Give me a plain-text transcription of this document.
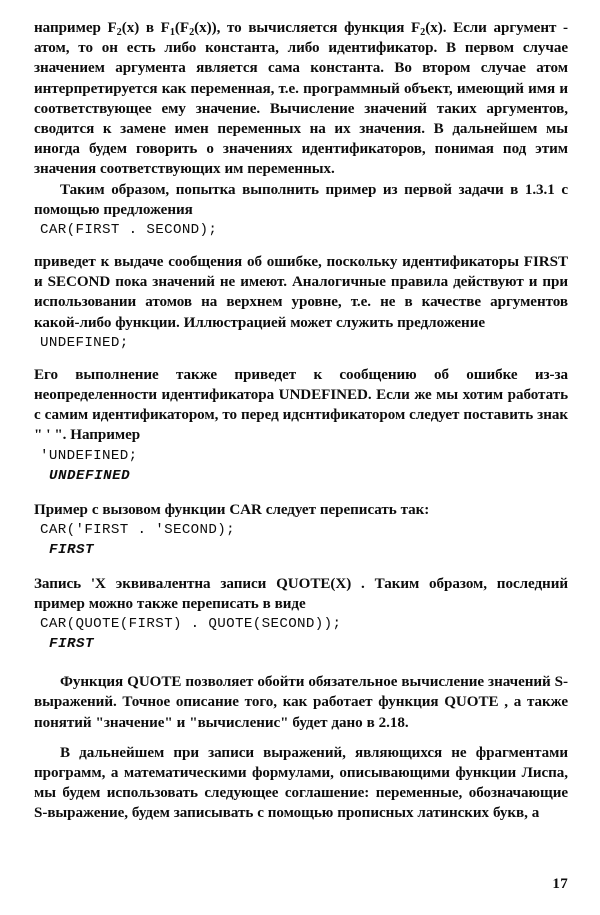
например $F_2(x)$ в $F_1(F_2(x))$, то вычисляется функция $F_2(x)$. Если аргумент - атом, то он есть либо константа, либо идентификатор. В первом случае значением аргумента является сама константа. Во втором случае атом интерпретируется как переменная, т.е. программный объект, имеющий имя и соответствующее ему значение. Вычисление значений таких аргументов, сводится к замене имен переменных на их значения. В дальнейшем мы иногда будем говорить о значениях идентификаторов, понимая под этим значения соответствующих им переменных.

Таким образом, попытка выполнить пример из первой задачи в 1.3.1 с помощью предложения

CAR(FIRST . SECOND);

приведет к выдаче сообщения об ошибке, поскольку идентификаторы FIRST и SECOND пока значений не имеют. Аналогичные правила действуют и при использовании атомов на верхнем уровне, т.е. не в качестве аргументов какой-либо функции. Иллюстрацией может служить предложение

UNDEFINED;

Его выполнение также приведет к сообщению об ошибке из-за неопределенности идентификатора UNDEFINED. Если же мы хотим работать с самим идентификатором, то перед идснтификатором следует поставить знак " ' ". Например

'UNDEFINED;
UNDEFINED

Пример с вызовом функции CAR следует переписать так:

CAR('FIRST . 'SECOND);
FIRST

Запись 'X эквивалентна записи QUOTE(X) . Таким образом, последний пример можно также переписать в виде

CAR(QUOTE(FIRST) . QUOTE(SECOND));
FIRST

Функция QUOTE позволяет обойти обязательное вычисление значений S-выражений. Точное описание того, как работает функция QUOTE , а также понятий "значение" и "вычисленис" будет дано в 2.18.

В дальнейшем при записи выражений, являющихся не фрагментами программ, а математическими формулами, описывающими функции Лиспа, мы будем использовать следующее соглашение: переменные, обозначающие S-выражение, будем записывать с помощью прописных латинских букв, а

17
